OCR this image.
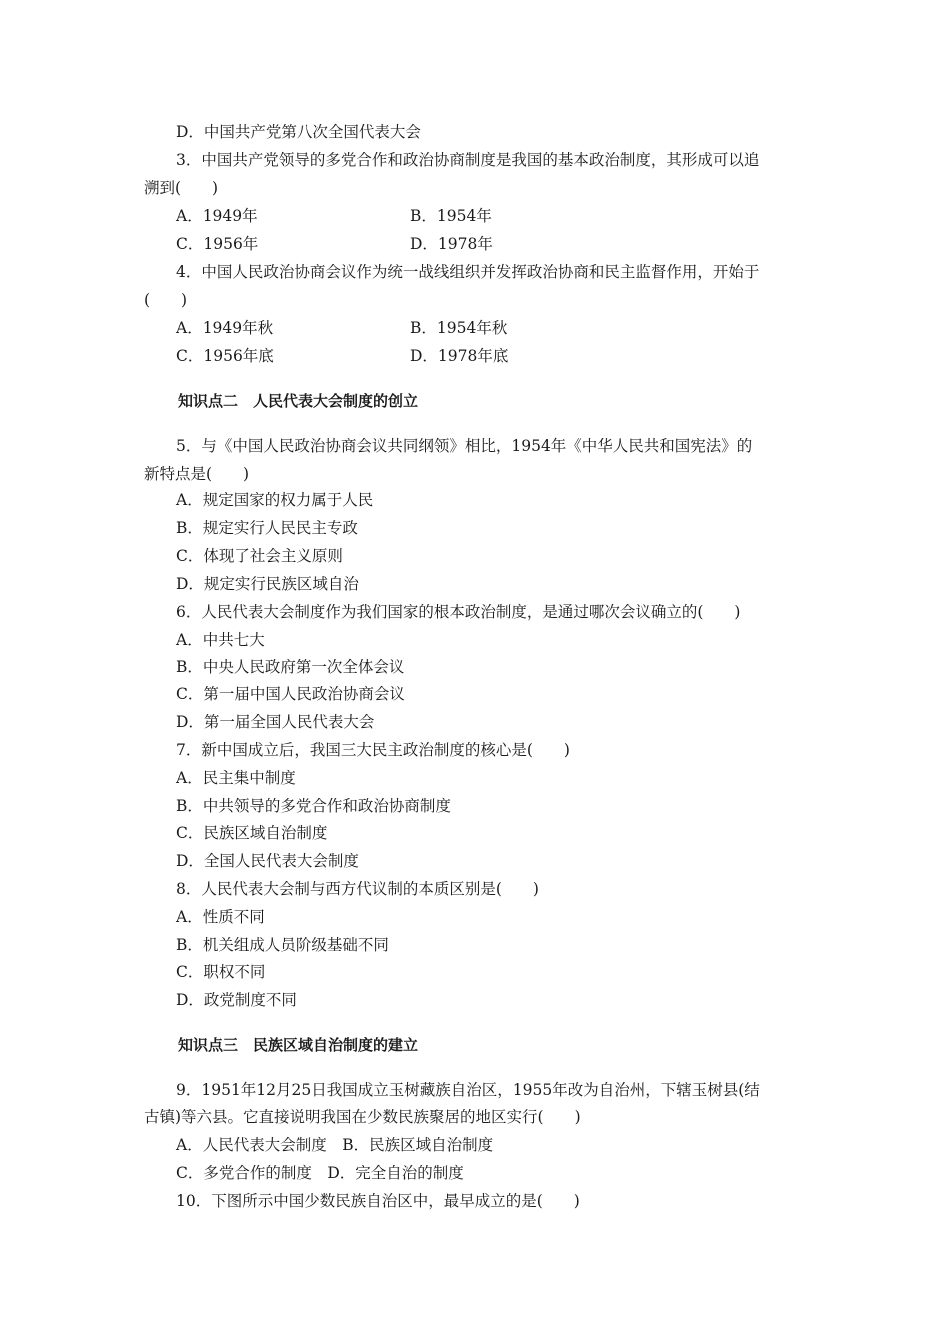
D．中国共产党第八次全国代表大会
3．中国共产党领导的多党合作和政治协商制度是我国的基本政治制度，其形成可以追
溯到(　　)
A．1949年	B．1954年
C．1956年	D．1978年
4．中国人民政治协商会议作为统一战线组织并发挥政治协商和民主监督作用，开始于
(　　)
A．1949年秋	B．1954年秋
C．1956年底	D．1978年底
知识点二　人民代表大会制度的创立
5．与《中国人民政治协商会议共同纲领》相比，1954年《中华人民共和国宪法》的
新特点是(　　)
A．规定国家的权力属于人民
B．规定实行人民民主专政
C．体现了社会主义原则
D．规定实行民族区域自治
6．人民代表大会制度作为我们国家的根本政治制度，是通过哪次会议确立的(　　)
A．中共七大
B．中央人民政府第一次全体会议
C．第一届中国人民政治协商会议
D．第一届全国人民代表大会
7．新中国成立后，我国三大民主政治制度的核心是(　　)
A．民主集中制度
B．中共领导的多党合作和政治协商制度
C．民族区域自治制度
D．全国人民代表大会制度
8．人民代表大会制与西方代议制的本质区别是(　　)
A．性质不同
B．机关组成人员阶级基础不同
C．职权不同
D．政党制度不同
知识点三　民族区域自治制度的建立
9．1951年12月25日我国成立玉树藏族自治区，1955年改为自治州，下辖玉树县(结
古镇)等六县。它直接说明我国在少数民族聚居的地区实行(　　)
A．人民代表大会制度　B．民族区域自治制度
C．多党合作的制度　D．完全自治的制度
10．下图所示中国少数民族自治区中，最早成立的是(　　)
